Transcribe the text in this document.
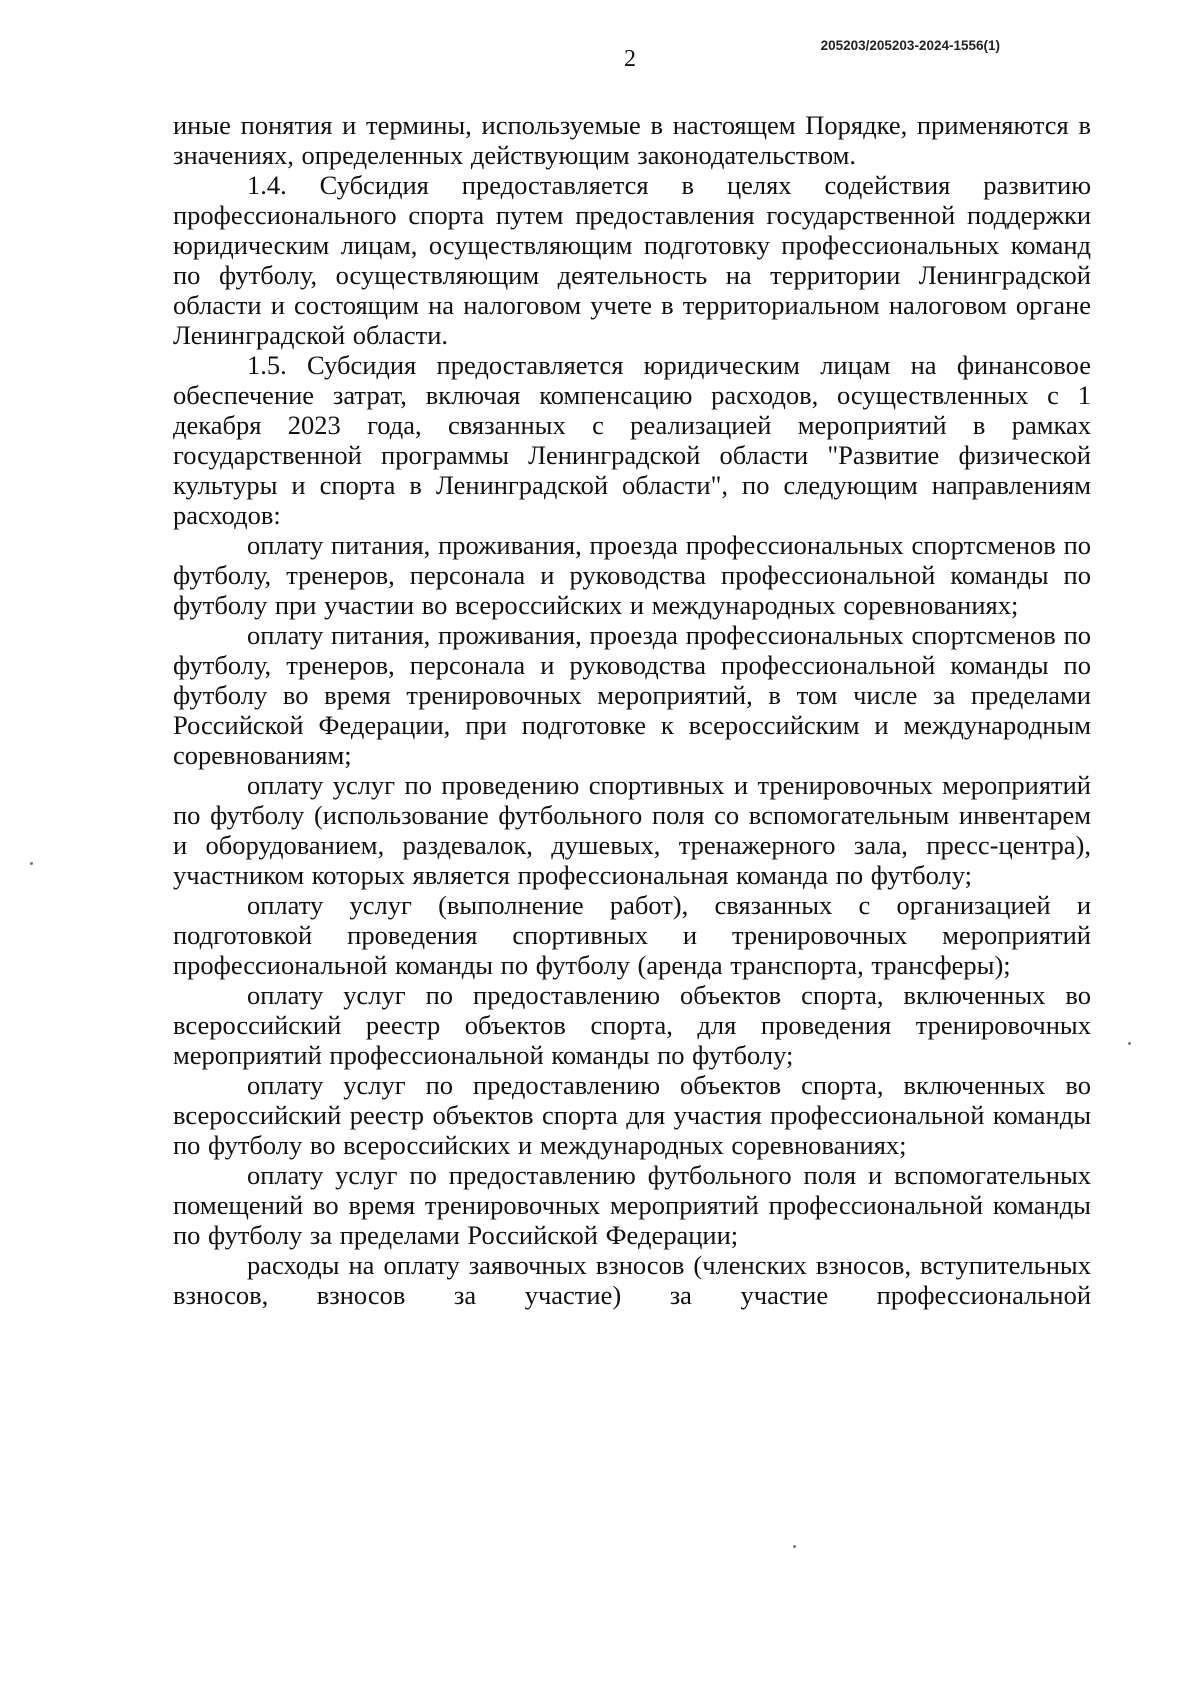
2

205203/205203-2024-1556(1)

иные понятия и термины, используемые в настоящем Порядке, применяются в значениях, определенных действующим законодательством.

1.4. Субсидия предоставляется в целях содействия развитию профессионального спорта путем предоставления государственной поддержки юридическим лицам, осуществляющим подготовку профессиональных команд по футболу, осуществляющим деятельность на территории Ленинградской области и состоящим на налоговом учете в территориальном налоговом органе Ленинградской области.

1.5. Субсидия предоставляется юридическим лицам на финансовое обеспечение затрат, включая компенсацию расходов, осуществленных с 1 декабря 2023 года, связанных с реализацией мероприятий в рамках государственной программы Ленинградской области "Развитие физической культуры и спорта в Ленинградской области", по следующим направлениям расходов:

оплату питания, проживания, проезда профессиональных спортсменов по футболу, тренеров, персонала и руководства профессиональной команды по футболу при участии во всероссийских и международных соревнованиях;

оплату питания, проживания, проезда профессиональных спортсменов по футболу, тренеров, персонала и руководства профессиональной команды по футболу во время тренировочных мероприятий, в том числе за пределами Российской Федерации, при подготовке к всероссийским и международным соревнованиям;

оплату услуг по проведению спортивных и тренировочных мероприятий по футболу (использование футбольного поля со вспомогательным инвентарем и оборудованием, раздевалок, душевых, тренажерного зала, пресс-центра), участником которых является профессиональная команда по футболу;

оплату услуг (выполнение работ), связанных с организацией и подготовкой проведения спортивных и тренировочных мероприятий профессиональной команды по футболу (аренда транспорта, трансферы);

оплату услуг по предоставлению объектов спорта, включенных во всероссийский реестр объектов спорта, для проведения тренировочных мероприятий профессиональной команды по футболу;

оплату услуг по предоставлению объектов спорта, включенных во всероссийский реестр объектов спорта для участия профессиональной команды по футболу во всероссийских и международных соревнованиях;

оплату услуг по предоставлению футбольного поля и вспомогательных помещений во время тренировочных мероприятий профессиональной команды по футболу за пределами Российской Федерации;

расходы на оплату заявочных взносов (членских взносов, вступительных взносов, взносов за участие) за участие профессиональной
